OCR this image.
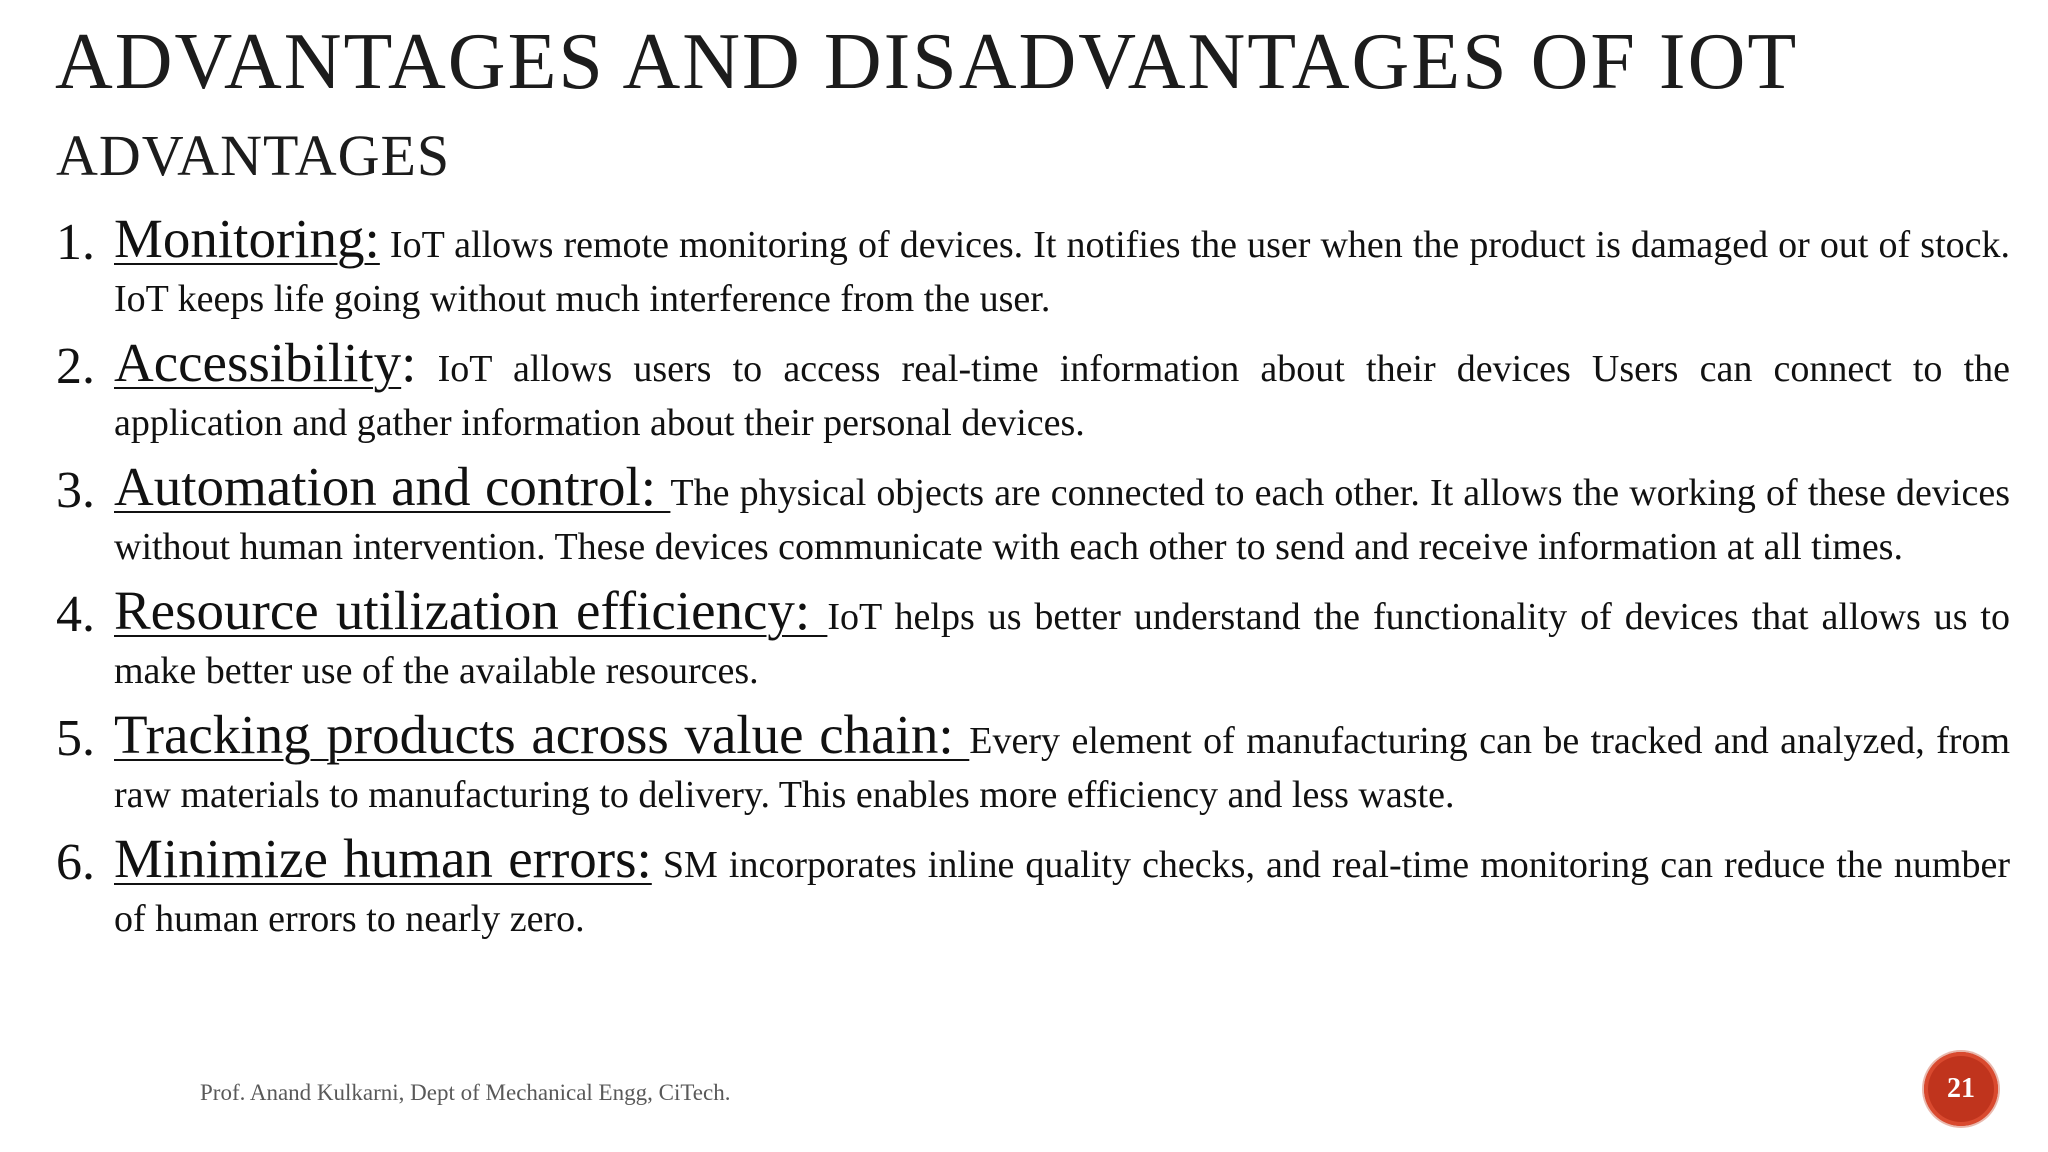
ADVANTAGES AND DISADVANTAGES OF IOT
ADVANTAGES
1. Monitoring: IoT allows remote monitoring of devices. It notifies the user when the product is damaged or out of stock. IoT keeps life going without much interference from the user.
2. Accessibility: IoT allows users to access real-time information about their devices Users can connect to the application and gather information about their personal devices.
3. Automation and control: The physical objects are connected to each other. It allows the working of these devices without human intervention. These devices communicate with each other to send and receive information at all times.
4. Resource utilization efficiency: IoT helps us better understand the functionality of devices that allows us to make better use of the available resources.
5. Tracking products across value chain: Every element of manufacturing can be tracked and analyzed, from raw materials to manufacturing to delivery. This enables more efficiency and less waste.
6. Minimize human errors: SM incorporates inline quality checks, and real-time monitoring can reduce the number of human errors to nearly zero.
Prof. Anand Kulkarni, Dept of Mechanical Engg, CiTech.	21
